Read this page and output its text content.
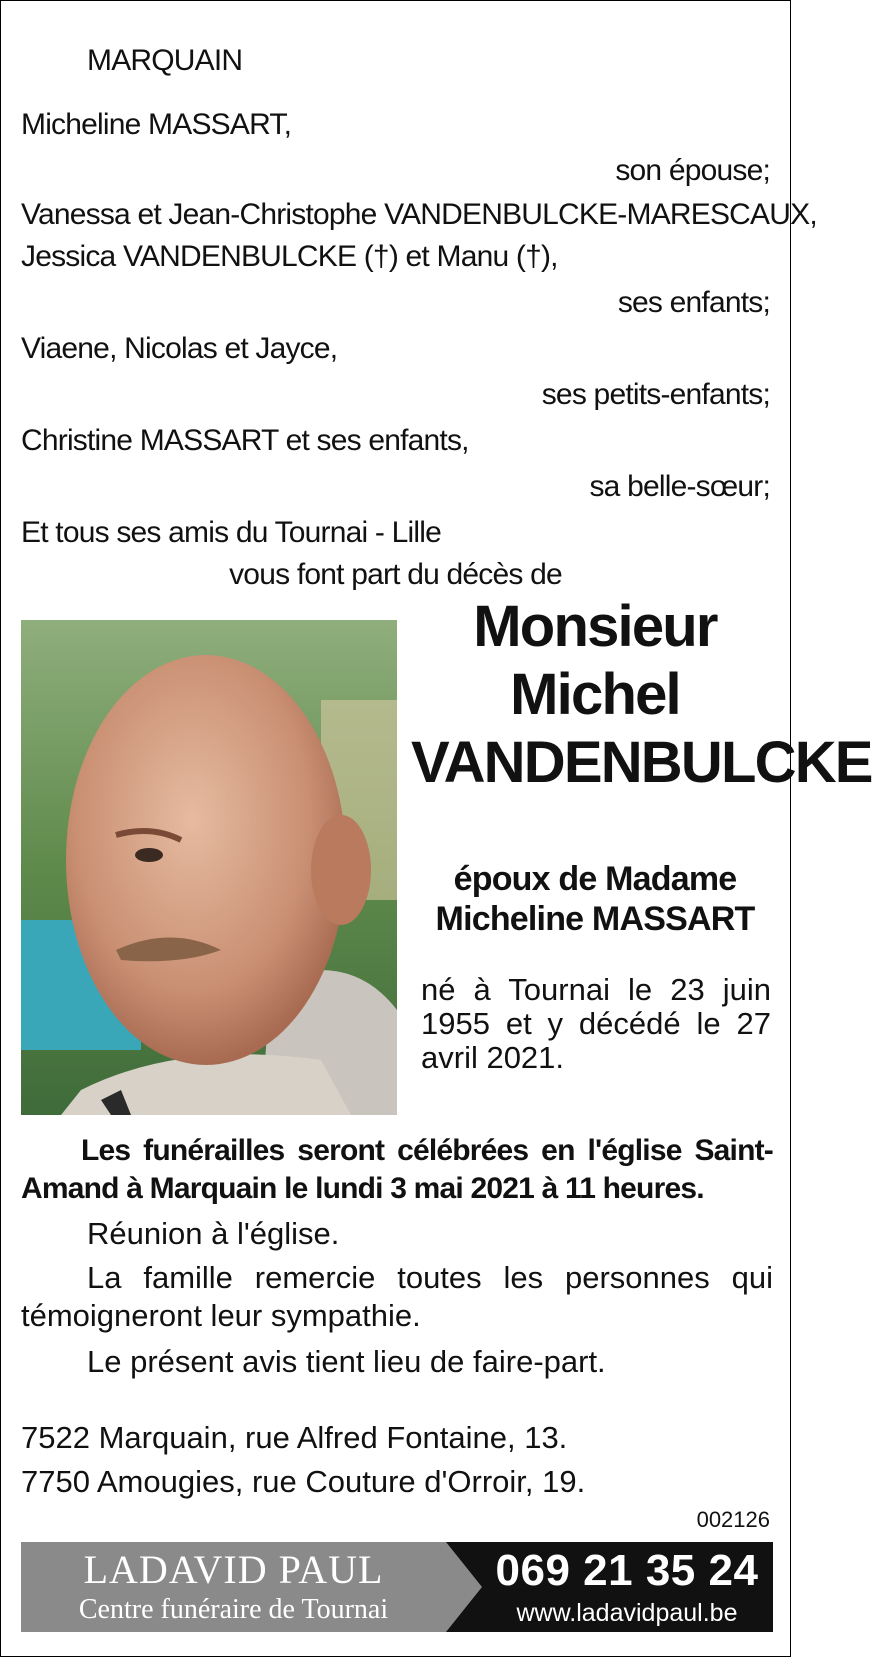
MARQUAIN
Micheline MASSART,
son épouse;
Vanessa et Jean-Christophe VANDENBULCKE-MARESCAUX,
Jessica VANDENBULCKE (†) et Manu (†),
ses enfants;
Viaene, Nicolas et Jayce,
ses petits-enfants;
Christine MASSART et ses enfants,
sa belle-sœur;
Et tous ses amis du Tournai - Lille
vous font part du décès de
Monsieur
Michel
VANDENBULCKE
époux de Madame
Micheline MASSART
né à Tournai le 23 juin 1955 et y décédé le 27 avril 2021.
Les funérailles seront célébrées en l'église Saint-Amand à Marquain le lundi 3 mai 2021 à 11 heures.
Réunion à l'église.
La famille remercie toutes les personnes qui témoigneront leur sympathie.
Le présent avis tient lieu de faire-part.
7522 Marquain, rue Alfred Fontaine, 13.
7750 Amougies, rue Couture d'Orroir, 19.
002126
LADAVID PAUL
Centre funéraire de Tournai
069 21 35 24
www.ladavidpaul.be
